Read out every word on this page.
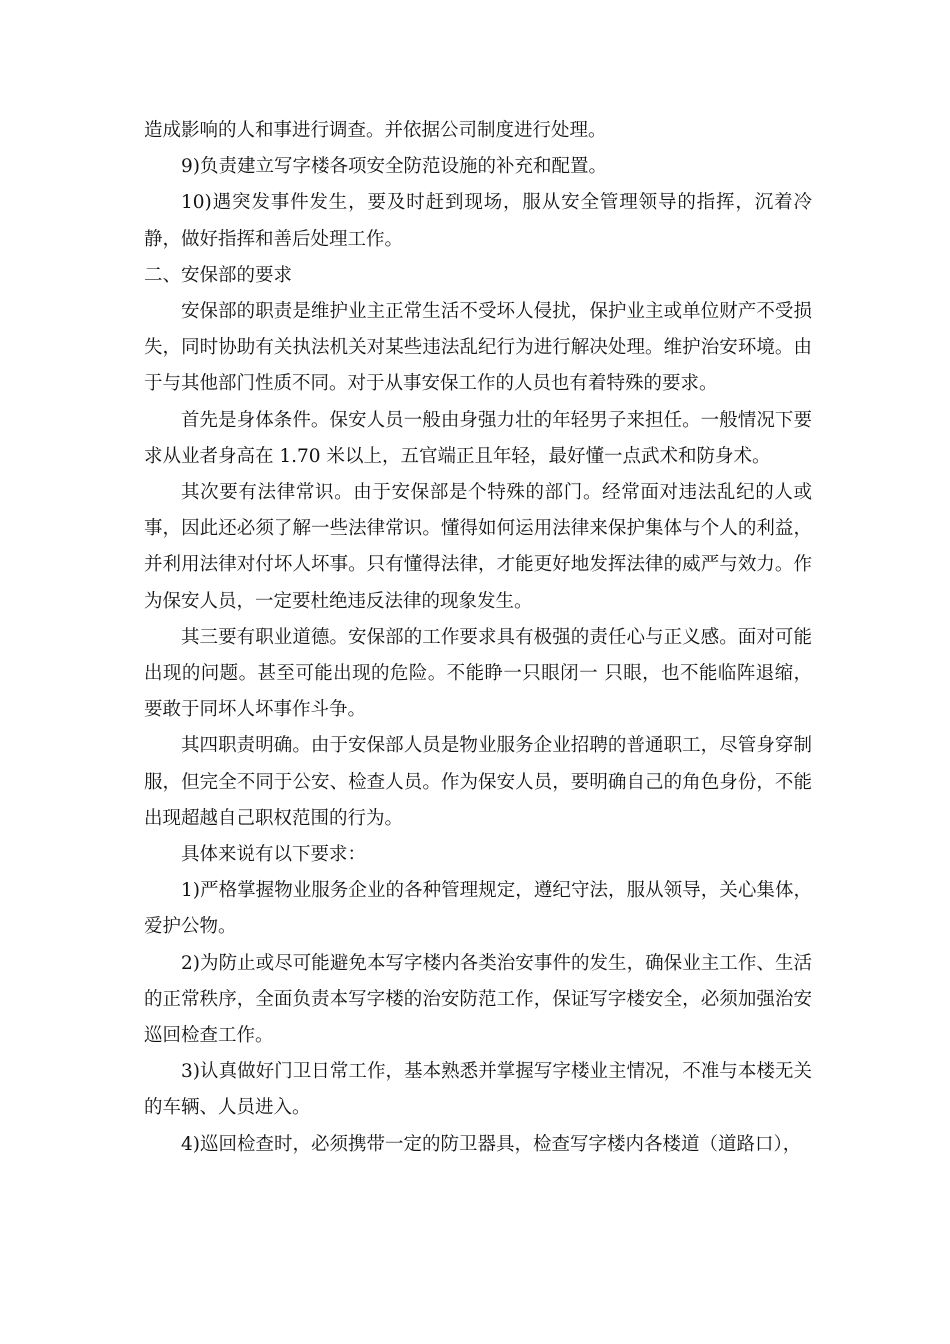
造成影响的人和事进行调查。并依据公司制度进行处理。

9)负责建立写字楼各项安全防范设施的补充和配置。

10)遇突发事件发生，要及时赶到现场，服从安全管理领导的指挥，沉着冷静，做好指挥和善后处理工作。

二、安保部的要求

安保部的职责是维护业主正常生活不受坏人侵扰，保护业主或单位财产不受损失，同时协助有关执法机关对某些违法乱纪行为进行解决处理。维护治安环境。由于与其他部门性质不同。对于从事安保工作的人员也有着特殊的要求。

首先是身体条件。保安人员一般由身强力壮的年轻男子来担任。一般情况下要求从业者身高在 1.70 米以上，五官端正且年轻，最好懂一点武术和防身术。

其次要有法律常识。由于安保部是个特殊的部门。经常面对违法乱纪的人或事，因此还必须了解一些法律常识。懂得如何运用法律来保护集体与个人的利益，并利用法律对付坏人坏事。只有懂得法律，才能更好地发挥法律的威严与效力。作为保安人员，一定要杜绝违反法律的现象发生。

其三要有职业道德。安保部的工作要求具有极强的责任心与正义感。面对可能出现的问题。甚至可能出现的危险。不能睁一只眼闭一 只眼，也不能临阵退缩，要敢于同坏人坏事作斗争。

其四职责明确。由于安保部人员是物业服务企业招聘的普通职工，尽管身穿制服，但完全不同于公安、检查人员。作为保安人员，要明确自己的角色身份，不能出现超越自己职权范围的行为。

具体来说有以下要求：

1)严格掌握物业服务企业的各种管理规定，遵纪守法，服从领导，关心集体，爱护公物。

2)为防止或尽可能避免本写字楼内各类治安事件的发生，确保业主工作、生活的正常秩序，全面负责本写字楼的治安防范工作，保证写字楼安全，必须加强治安巡回检查工作。

3)认真做好门卫日常工作，基本熟悉并掌握写字楼业主情况，不准与本楼无关的车辆、人员进入。

4)巡回检查时，必须携带一定的防卫器具，检查写字楼内各楼道（道路口），
